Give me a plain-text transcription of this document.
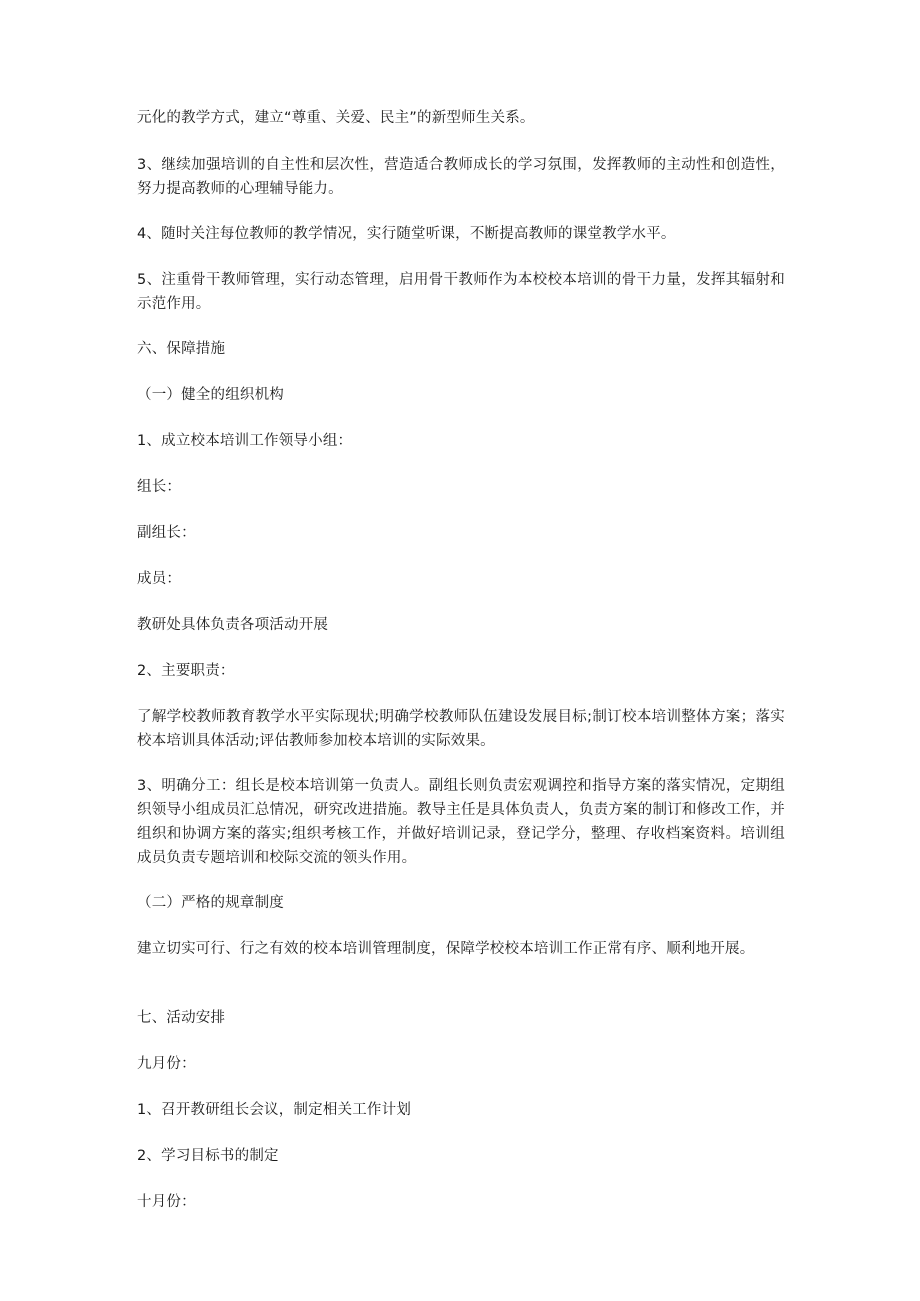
元化的教学方式，建立“尊重、关爱、民主”的新型师生关系。

3、继续加强培训的自主性和层次性，营造适合教师成长的学习氛围，发挥教师的主动性和创造性，努力提高教师的心理辅导能力。

4、随时关注每位教师的教学情况，实行随堂听课，不断提高教师的课堂教学水平。

5、注重骨干教师管理，实行动态管理，启用骨干教师作为本校校本培训的骨干力量，发挥其辐射和示范作用。

六、保障措施

（一）健全的组织机构

1、成立校本培训工作领导小组：

组长：

副组长：

成员：

教研处具体负责各项活动开展

2、主要职责：

了解学校教师教育教学水平实际现状;明确学校教师队伍建设发展目标;制订校本培训整体方案；落实校本培训具体活动;评估教师参加校本培训的实际效果。

3、明确分工：组长是校本培训第一负责人。副组长则负责宏观调控和指导方案的落实情况，定期组织领导小组成员汇总情况，研究改进措施。教导主任是具体负责人，负责方案的制订和修改工作，并组织和协调方案的落实;组织考核工作，并做好培训记录，登记学分，整理、存收档案资料。培训组成员负责专题培训和校际交流的领头作用。

（二）严格的规章制度

建立切实可行、行之有效的校本培训管理制度，保障学校校本培训工作正常有序、顺利地开展。

七、活动安排

九月份：

1、召开教研组长会议，制定相关工作计划

2、学习目标书的制定

十月份：
